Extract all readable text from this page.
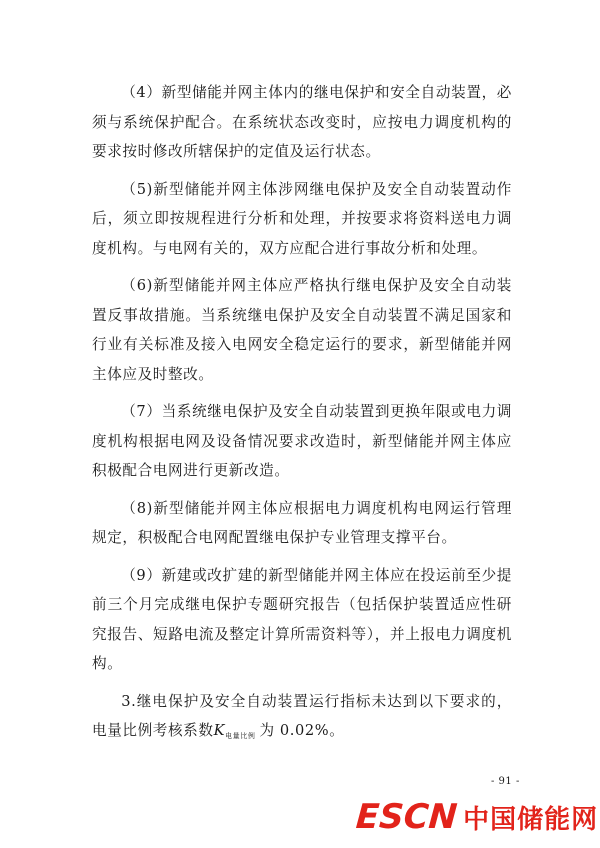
（4）新型储能并网主体内的继电保护和安全自动装置，必须与系统保护配合。在系统状态改变时，应按电力调度机构的要求按时修改所辖保护的定值及运行状态。

（5)新型储能并网主体涉网继电保护及安全自动装置动作后，须立即按规程进行分析和处理，并按要求将资料送电力调度机构。与电网有关的，双方应配合进行事故分析和处理。

（6)新型储能并网主体应严格执行继电保护及安全自动装置反事故措施。当系统继电保护及安全自动装置不满足国家和行业有关标准及接入电网安全稳定运行的要求，新型储能并网主体应及时整改。

（7）当系统继电保护及安全自动装置到更换年限或电力调度机构根据电网及设备情况要求改造时，新型储能并网主体应积极配合电网进行更新改造。

（8)新型储能并网主体应根据电力调度机构电网运行管理规定，积极配合电网配置继电保护专业管理支撑平台。

（9）新建或改扩建的新型储能并网主体应在投运前至少提前三个月完成继电保护专题研究报告（包括保护装置适应性研究报告、短路电流及整定计算所需资料等），并上报电力调度机构。

3.继电保护及安全自动装置运行指标未达到以下要求的，电量比例考核系数$K_{电量比例}$ 为 0.02%。

- 91 -
ESCN 中国储能网
